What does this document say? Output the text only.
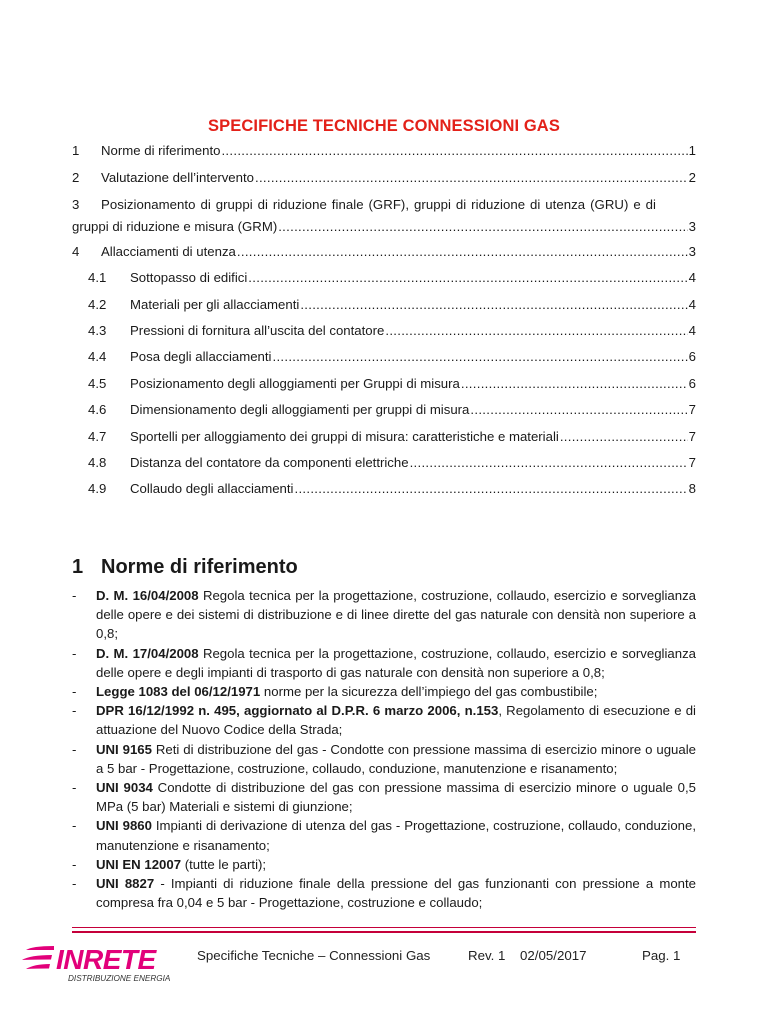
SPECIFICHE TECNICHE CONNESSIONI GAS
1	Norme di riferimento .....	1
2	Valutazione dell’intervento .....	2
3	Posizionamento di gruppi di riduzione finale (GRF), gruppi di riduzione di utenza (GRU) e di
gruppi di riduzione e misura (GRM) .....	3
4	Allacciamenti di utenza .....	3
4.1	Sottopasso di edifici .....	4
4.2	Materiali per gli allacciamenti .....	4
4.3	Pressioni di fornitura all’uscita del contatore .....	4
4.4	Posa degli allacciamenti .....	6
4.5	Posizionamento degli alloggiamenti per Gruppi di misura .....	6
4.6	Dimensionamento degli alloggiamenti per gruppi di misura .....	7
4.7	Sportelli per alloggiamento dei gruppi di misura: caratteristiche e materiali .....	7
4.8	Distanza del contatore da componenti elettriche .....	7
4.9	Collaudo degli allacciamenti .....	8
1 Norme di riferimento
-	D. M. 16/04/2008 Regola tecnica per la progettazione, costruzione, collaudo, esercizio e sorveglianza delle opere e dei sistemi di distribuzione e di linee dirette del gas naturale con densità non superiore a 0,8;
-	D. M. 17/04/2008 Regola tecnica per la progettazione, costruzione, collaudo, esercizio e sorveglianza delle opere e degli impianti di trasporto di gas naturale con densità non superiore a 0,8;
-	Legge 1083 del 06/12/1971 norme per la sicurezza dell’impiego del gas combustibile;
-	DPR 16/12/1992 n. 495, aggiornato al D.P.R. 6 marzo 2006, n.153, Regolamento di esecuzione e di attuazione del Nuovo Codice della Strada;
-	UNI 9165 Reti di distribuzione del gas - Condotte con pressione massima di esercizio minore o uguale a 5 bar - Progettazione, costruzione, collaudo, conduzione, manutenzione e risanamento;
-	UNI 9034 Condotte di distribuzione del gas con pressione massima di esercizio minore o uguale 0,5 MPa (5 bar) Materiali e sistemi di giunzione;
-	UNI 9860 Impianti di derivazione di utenza del gas - Progettazione, costruzione, collaudo, conduzione, manutenzione e risanamento;
-	UNI EN 12007 (tutte le parti);
-	UNI 8827 - Impianti di riduzione finale della pressione del gas funzionanti con pressione a monte compresa fra 0,04 e 5 bar - Progettazione, costruzione e collaudo;
INRETE
DISTRIBUZIONE ENERGIA
Specifiche Tecniche – Connessioni Gas	Rev. 1 02/05/2017	Pag. 1
